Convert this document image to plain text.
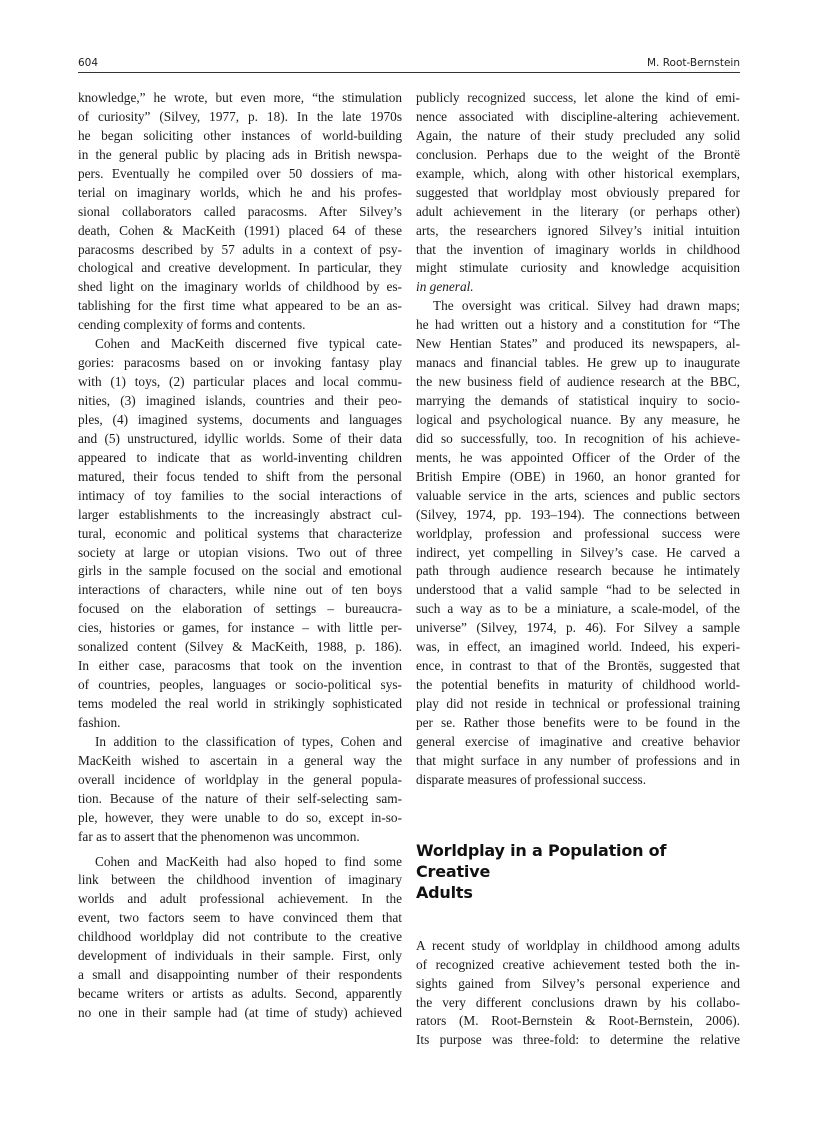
604	M. Root-Bernstein
knowledge,” he wrote, but even more, “the stimulation
of curiosity” (Silvey, 1977, p. 18). In the late 1970s
he began soliciting other instances of world-building
in the general public by placing ads in British newspa-
pers. Eventually he compiled over 50 dossiers of ma-
terial on imaginary worlds, which he and his profes-
sional collaborators called paracosms. After Silvey’s
death, Cohen & MacKeith (1991) placed 64 of these
paracosms described by 57 adults in a context of psy-
chological and creative development. In particular, they
shed light on the imaginary worlds of childhood by es-
tablishing for the first time what appeared to be an as-
cending complexity of forms and contents.
Cohen and MacKeith discerned five typical cate-
gories: paracosms based on or invoking fantasy play
with (1) toys, (2) particular places and local commu-
nities, (3) imagined islands, countries and their peo-
ples, (4) imagined systems, documents and languages
and (5) unstructured, idyllic worlds. Some of their data
appeared to indicate that as world-inventing children
matured, their focus tended to shift from the personal
intimacy of toy families to the social interactions of
larger establishments to the increasingly abstract cul-
tural, economic and political systems that characterize
society at large or utopian visions. Two out of three
girls in the sample focused on the social and emotional
interactions of characters, while nine out of ten boys
focused on the elaboration of settings – bureaucra-
cies, histories or games, for instance – with little per-
sonalized content (Silvey & MacKeith, 1988, p. 186).
In either case, paracosms that took on the invention
of countries, peoples, languages or socio-political sys-
tems modeled the real world in strikingly sophisticated
fashion.
In addition to the classification of types, Cohen and
MacKeith wished to ascertain in a general way the
overall incidence of worldplay in the general popula-
tion. Because of the nature of their self-selecting sam-
ple, however, they were unable to do so, except in-so-
far as to assert that the phenomenon was uncommon.
Cohen and MacKeith had also hoped to find some
link between the childhood invention of imaginary
worlds and adult professional achievement. In the
event, two factors seem to have convinced them that
childhood worldplay did not contribute to the creative
development of individuals in their sample. First, only
a small and disappointing number of their respondents
became writers or artists as adults. Second, apparently
no one in their sample had (at time of study) achieved
publicly recognized success, let alone the kind of emi-
nence associated with discipline-altering achievement.
Again, the nature of their study precluded any solid
conclusion. Perhaps due to the weight of the Brontë
example, which, along with other historical exemplars,
suggested that worldplay most obviously prepared for
adult achievement in the literary (or perhaps other)
arts, the researchers ignored Silvey’s initial intuition
that the invention of imaginary worlds in childhood
might stimulate curiosity and knowledge acquisition
in general.
The oversight was critical. Silvey had drawn maps;
he had written out a history and a constitution for “The
New Hentian States” and produced its newspapers, al-
manacs and financial tables. He grew up to inaugurate
the new business field of audience research at the BBC,
marrying the demands of statistical inquiry to socio-
logical and psychological nuance. By any measure, he
did so successfully, too. In recognition of his achieve-
ments, he was appointed Officer of the Order of the
British Empire (OBE) in 1960, an honor granted for
valuable service in the arts, sciences and public sectors
(Silvey, 1974, pp. 193–194). The connections between
worldplay, profession and professional success were
indirect, yet compelling in Silvey’s case. He carved a
path through audience research because he intimately
understood that a valid sample “had to be selected in
such a way as to be a miniature, a scale-model, of the
universe” (Silvey, 1974, p. 46). For Silvey a sample
was, in effect, an imagined world. Indeed, his experi-
ence, in contrast to that of the Brontës, suggested that
the potential benefits in maturity of childhood world-
play did not reside in technical or professional training
per se. Rather those benefits were to be found in the
general exercise of imaginative and creative behavior
that might surface in any number of professions and in
disparate measures of professional success.
Worldplay in a Population of Creative
Adults
A recent study of worldplay in childhood among adults
of recognized creative achievement tested both the in-
sights gained from Silvey’s personal experience and
the very different conclusions drawn by his collabo-
rators (M. Root-Bernstein & Root-Bernstein, 2006).
Its purpose was three-fold: to determine the relative
